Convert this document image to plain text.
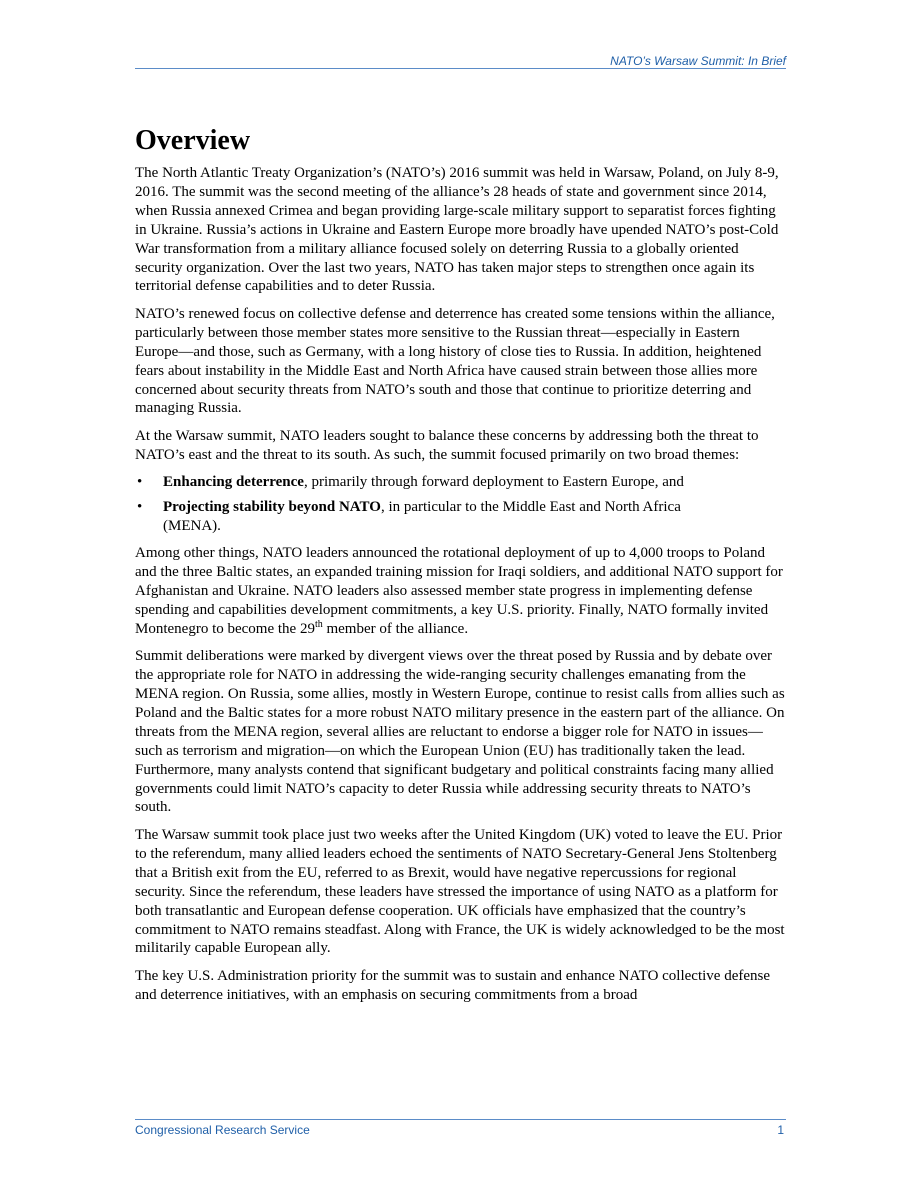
NATO’s Warsaw Summit: In Brief
Overview

The North Atlantic Treaty Organization’s (NATO’s) 2016 summit was held in Warsaw, Poland, on July 8-9, 2016. The summit was the second meeting of the alliance’s 28 heads of state and government since 2014, when Russia annexed Crimea and began providing large-scale military support to separatist forces fighting in Ukraine. Russia’s actions in Ukraine and Eastern Europe more broadly have upended NATO’s post-Cold War transformation from a military alliance focused solely on deterring Russia to a globally oriented security organization. Over the last two years, NATO has taken major steps to strengthen once again its territorial defense capabilities and to deter Russia.

NATO’s renewed focus on collective defense and deterrence has created some tensions within the alliance, particularly between those member states more sensitive to the Russian threat—especially in Eastern Europe—and those, such as Germany, with a long history of close ties to Russia. In addition, heightened fears about instability in the Middle East and North Africa have caused strain between those allies more concerned about security threats from NATO’s south and those that continue to prioritize deterring and managing Russia.

At the Warsaw summit, NATO leaders sought to balance these concerns by addressing both the threat to NATO’s east and the threat to its south. As such, the summit focused primarily on two broad themes:

• Enhancing deterrence, primarily through forward deployment to Eastern Europe, and
• Projecting stability beyond NATO, in particular to the Middle East and North Africa (MENA).

Among other things, NATO leaders announced the rotational deployment of up to 4,000 troops to Poland and the three Baltic states, an expanded training mission for Iraqi soldiers, and additional NATO support for Afghanistan and Ukraine. NATO leaders also assessed member state progress in implementing defense spending and capabilities development commitments, a key U.S. priority. Finally, NATO formally invited Montenegro to become the 29th member of the alliance.

Summit deliberations were marked by divergent views over the threat posed by Russia and by debate over the appropriate role for NATO in addressing the wide-ranging security challenges emanating from the MENA region. On Russia, some allies, mostly in Western Europe, continue to resist calls from allies such as Poland and the Baltic states for a more robust NATO military presence in the eastern part of the alliance. On threats from the MENA region, several allies are reluctant to endorse a bigger role for NATO in issues—such as terrorism and migration—on which the European Union (EU) has traditionally taken the lead. Furthermore, many analysts contend that significant budgetary and political constraints facing many allied governments could limit NATO’s capacity to deter Russia while addressing security threats to NATO’s south.

The Warsaw summit took place just two weeks after the United Kingdom (UK) voted to leave the EU. Prior to the referendum, many allied leaders echoed the sentiments of NATO Secretary-General Jens Stoltenberg that a British exit from the EU, referred to as Brexit, would have negative repercussions for regional security. Since the referendum, these leaders have stressed the importance of using NATO as a platform for both transatlantic and European defense cooperation. UK officials have emphasized that the country’s commitment to NATO remains steadfast. Along with France, the UK is widely acknowledged to be the most militarily capable European ally.

The key U.S. Administration priority for the summit was to sustain and enhance NATO collective defense and deterrence initiatives, with an emphasis on securing commitments from a broad

Congressional Research Service	1
